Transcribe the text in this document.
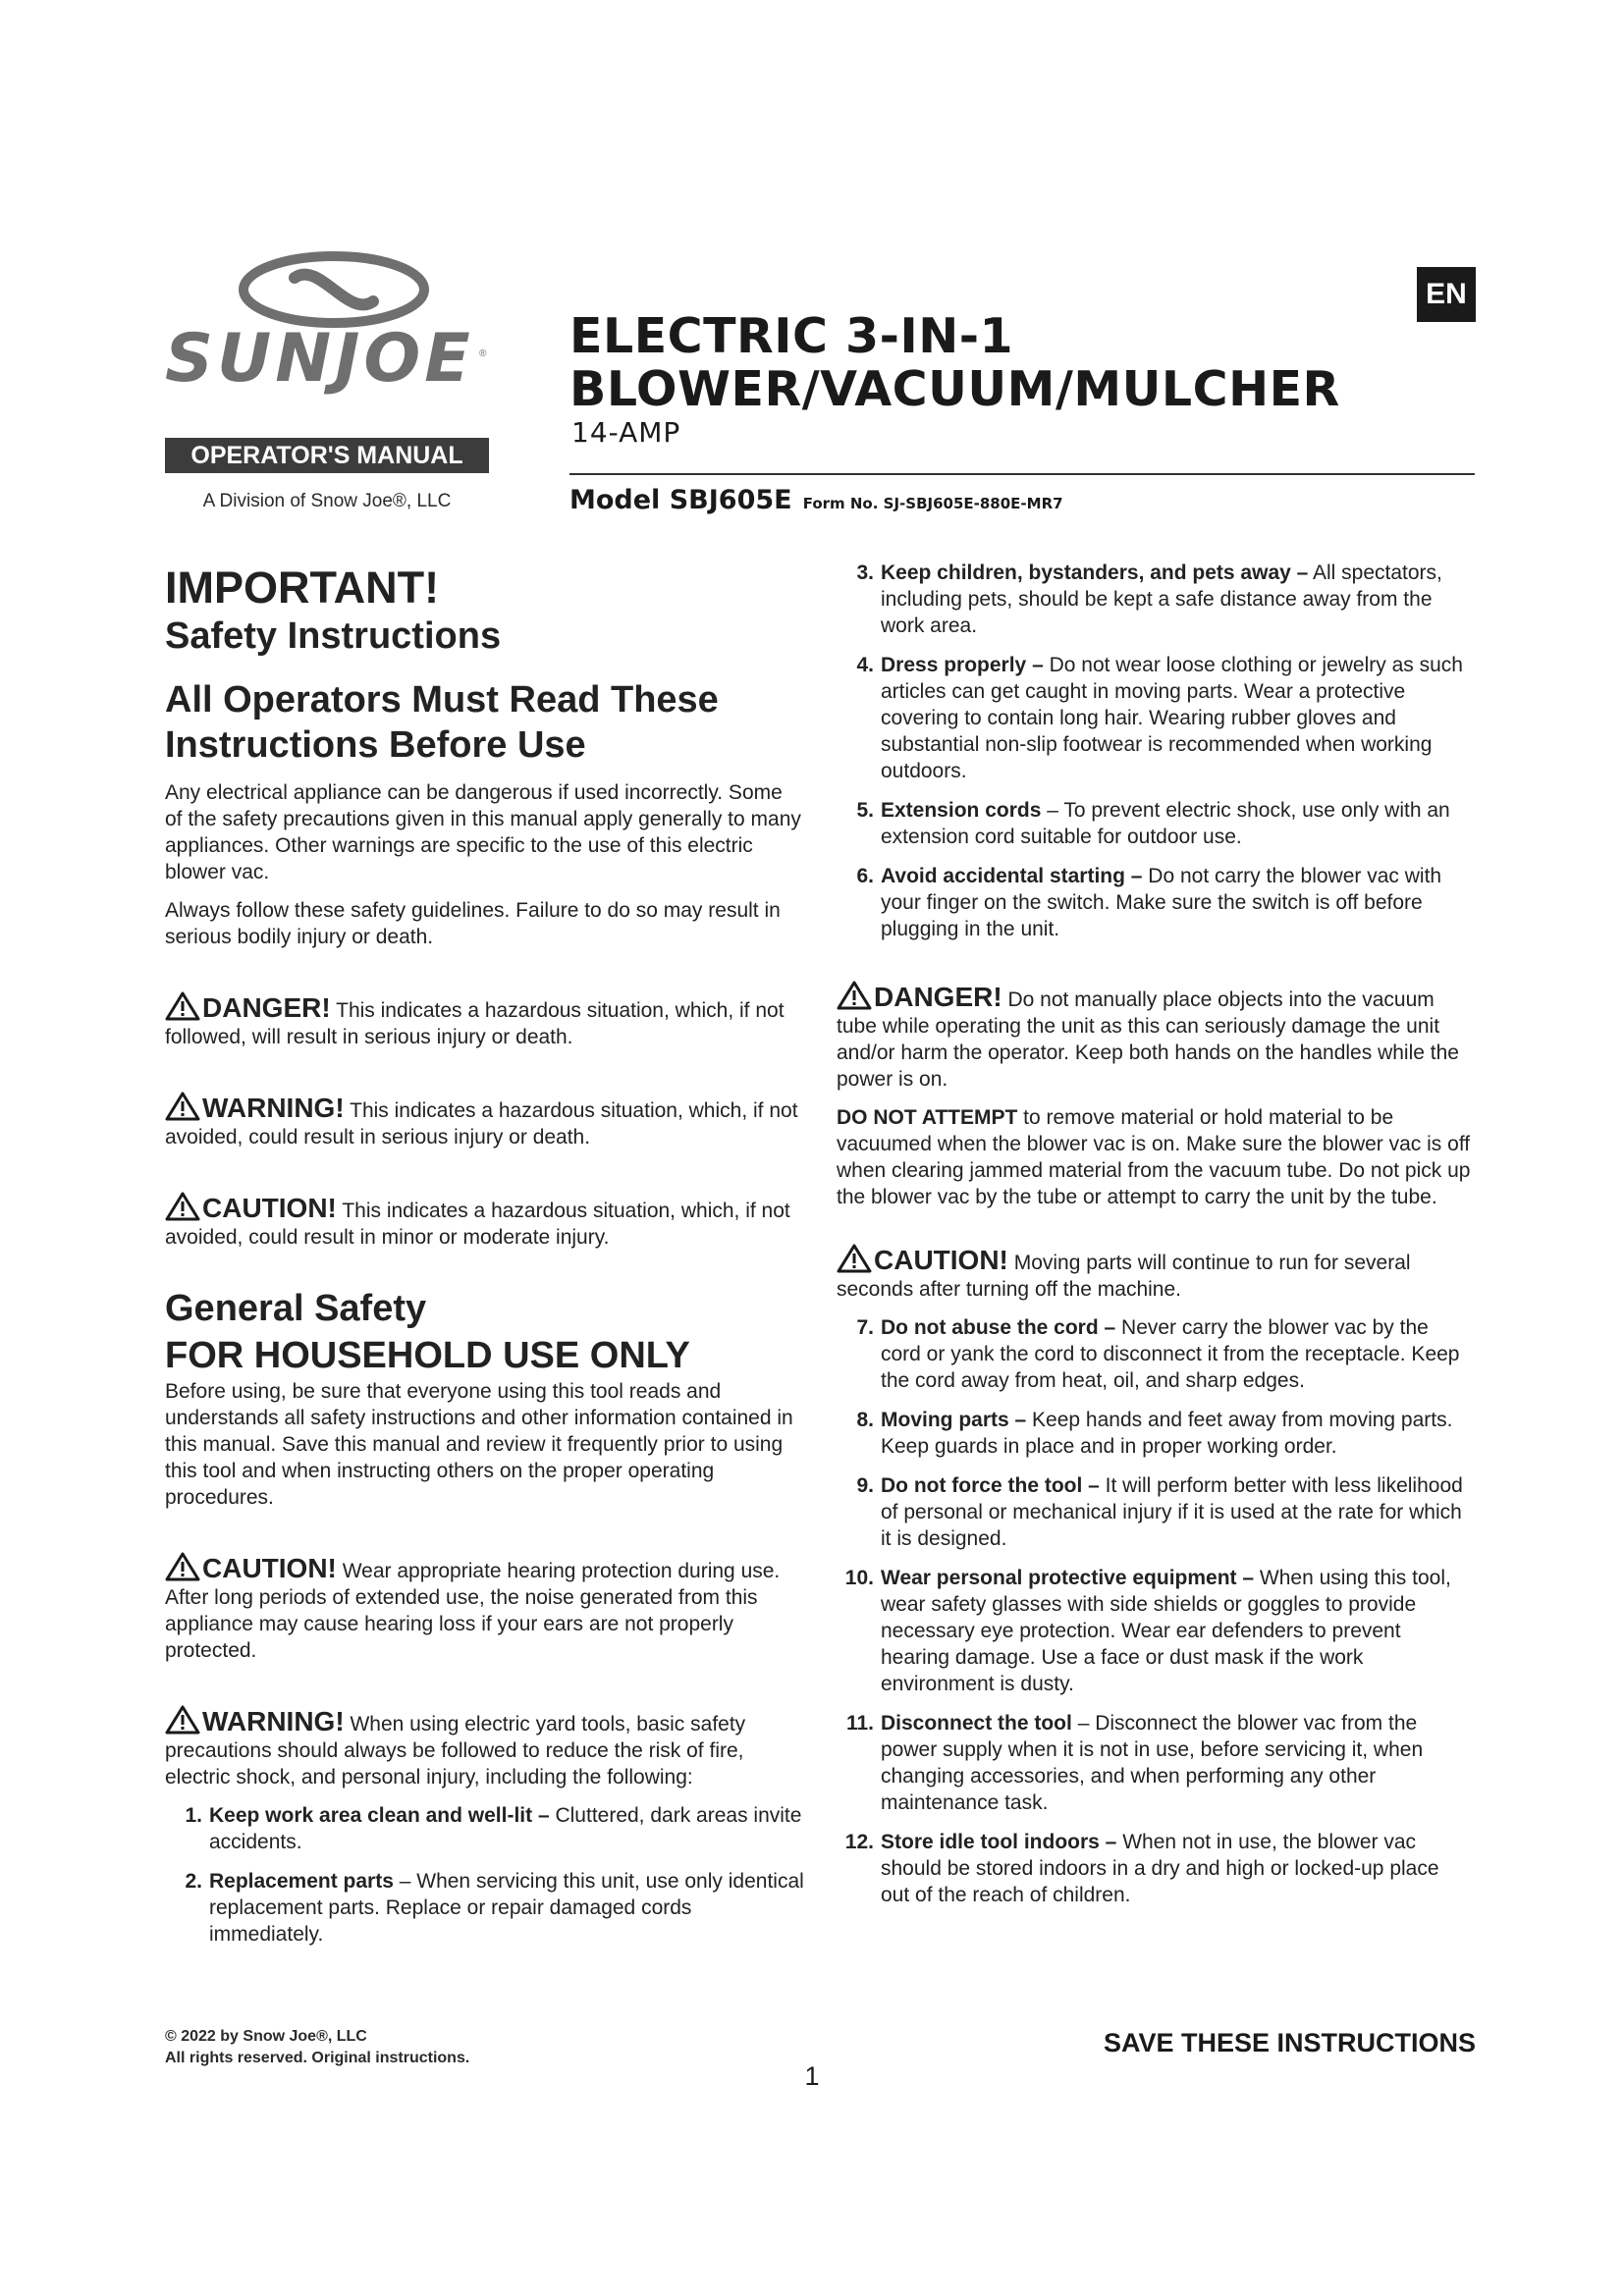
SUNJOE ®
OPERATOR'S MANUAL
A Division of Snow Joe®, LLC
ELECTRIC 3-IN-1
BLOWER/VACUUM/MULCHER
14-AMP
Model SBJ605E Form No. SJ-SBJ605E-880E-MR7
EN
IMPORTANT!
Safety Instructions
All Operators Must Read These Instructions Before Use

Any electrical appliance can be dangerous if used incorrectly. Some of the safety precautions given in this manual apply generally to many appliances. Other warnings are specific to the use of this electric blower vac.

Always follow these safety guidelines. Failure to do so may result in serious bodily injury or death.

DANGER! This indicates a hazardous situation, which, if not followed, will result in serious injury or death.

WARNING! This indicates a hazardous situation, which, if not avoided, could result in serious injury or death.

CAUTION! This indicates a hazardous situation, which, if not avoided, could result in minor or moderate injury.

General Safety
FOR HOUSEHOLD USE ONLY

Before using, be sure that everyone using this tool reads and understands all safety instructions and other information contained in this manual. Save this manual and review it frequently prior to using this tool and when instructing others on the proper operating procedures.

CAUTION! Wear appropriate hearing protection during use. After long periods of extended use, the noise generated from this appliance may cause hearing loss if your ears are not properly protected.

WARNING! When using electric yard tools, basic safety precautions should always be followed to reduce the risk of fire, electric shock, and personal injury, including the following:

1. Keep work area clean and well-lit – Cluttered, dark areas invite accidents.
2. Replacement parts – When servicing this unit, use only identical replacement parts. Replace or repair damaged cords immediately.
3. Keep children, bystanders, and pets away – All spectators, including pets, should be kept a safe distance away from the work area.
4. Dress properly – Do not wear loose clothing or jewelry as such articles can get caught in moving parts. Wear a protective covering to contain long hair. Wearing rubber gloves and substantial non-slip footwear is recommended when working outdoors.
5. Extension cords – To prevent electric shock, use only with an extension cord suitable for outdoor use.
6. Avoid accidental starting – Do not carry the blower vac with your finger on the switch. Make sure the switch is off before plugging in the unit.

DANGER! Do not manually place objects into the vacuum tube while operating the unit as this can seriously damage the unit and/or harm the operator. Keep both hands on the handles while the power is on.

DO NOT ATTEMPT to remove material or hold material to be vacuumed when the blower vac is on. Make sure the blower vac is off when clearing jammed material from the vacuum tube. Do not pick up the blower vac by the tube or attempt to carry the unit by the tube.

CAUTION! Moving parts will continue to run for several seconds after turning off the machine.

7. Do not abuse the cord – Never carry the blower vac by the cord or yank the cord to disconnect it from the receptacle. Keep the cord away from heat, oil, and sharp edges.
8. Moving parts – Keep hands and feet away from moving parts. Keep guards in place and in proper working order.
9. Do not force the tool – It will perform better with less likelihood of personal or mechanical injury if it is used at the rate for which it is designed.
10. Wear personal protective equipment – When using this tool, wear safety glasses with side shields or goggles to provide necessary eye protection. Wear ear defenders to prevent hearing damage. Use a face or dust mask if the work environment is dusty.
11. Disconnect the tool – Disconnect the blower vac from the power supply when it is not in use, before servicing it, when changing accessories, and when performing any other maintenance task.
12. Store idle tool indoors – When not in use, the blower vac should be stored indoors in a dry and high or locked-up place out of the reach of children.
© 2022 by Snow Joe®, LLC
All rights reserved. Original instructions.
SAVE THESE INSTRUCTIONS
1
